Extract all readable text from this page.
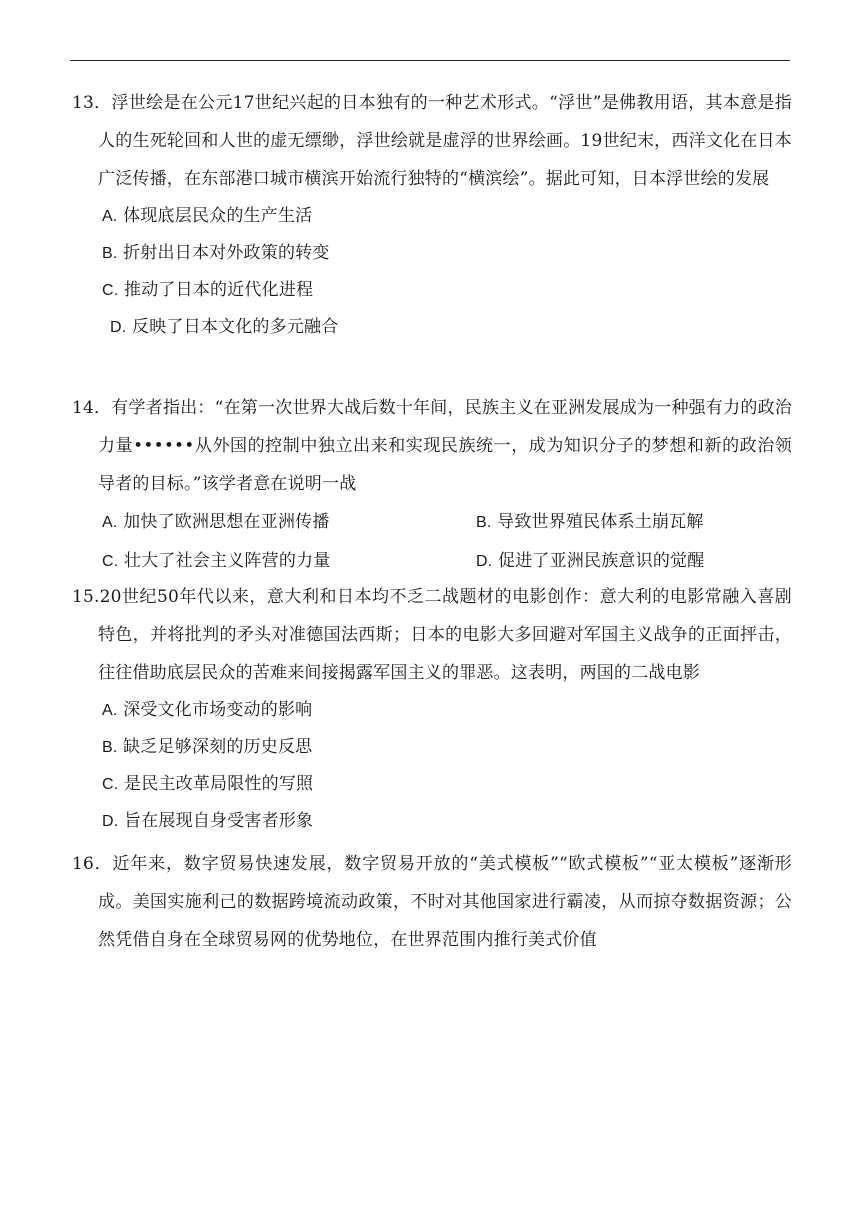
13．浮世绘是在公元17世纪兴起的日本独有的一种艺术形式。“浮世”是佛教用语，其本意是指人的生死轮回和人世的虚无缥缈，浮世绘就是虚浮的世界绘画。19世纪末，西洋文化在日本广泛传播，在东部港口城市横滨开始流行独特的“横滨绘”。据此可知，日本浮世绘的发展

A. 体现底层民众的生产生活
B. 折射出日本对外政策的转变
C. 推动了日本的近代化进程
D. 反映了日本文化的多元融合

14．有学者指出：“在第一次世界大战后数十年间，民族主义在亚洲发展成为一种强有力的政治力量••••••从外国的控制中独立出来和实现民族统一，成为知识分子的梦想和新的政治领导者的目标。”该学者意在说明一战

A. 加快了欧洲思想在亚洲传播	B. 导致世界殖民体系土崩瓦解
C. 壮大了社会主义阵营的力量	D. 促进了亚洲民族意识的觉醒

15.20世纪50年代以来，意大利和日本均不乏二战题材的电影创作：意大利的电影常融入喜剧特色，并将批判的矛头对准德国法西斯；日本的电影大多回避对军国主义战争的正面抨击，往往借助底层民众的苦难来间接揭露军国主义的罪恶。这表明，两国的二战电影

A. 深受文化市场变动的影响
B. 缺乏足够深刻的历史反思
C. 是民主改革局限性的写照
D. 旨在展现自身受害者形象

16．近年来，数字贸易快速发展，数字贸易开放的“美式模板”“欧式模板”“亚太模板”逐渐形成。美国实施利己的数据跨境流动政策，不时对其他国家进行霸凌，从而掠夺数据资源；公然凭借自身在全球贸易网的优势地位，在世界范围内推行美式价值
